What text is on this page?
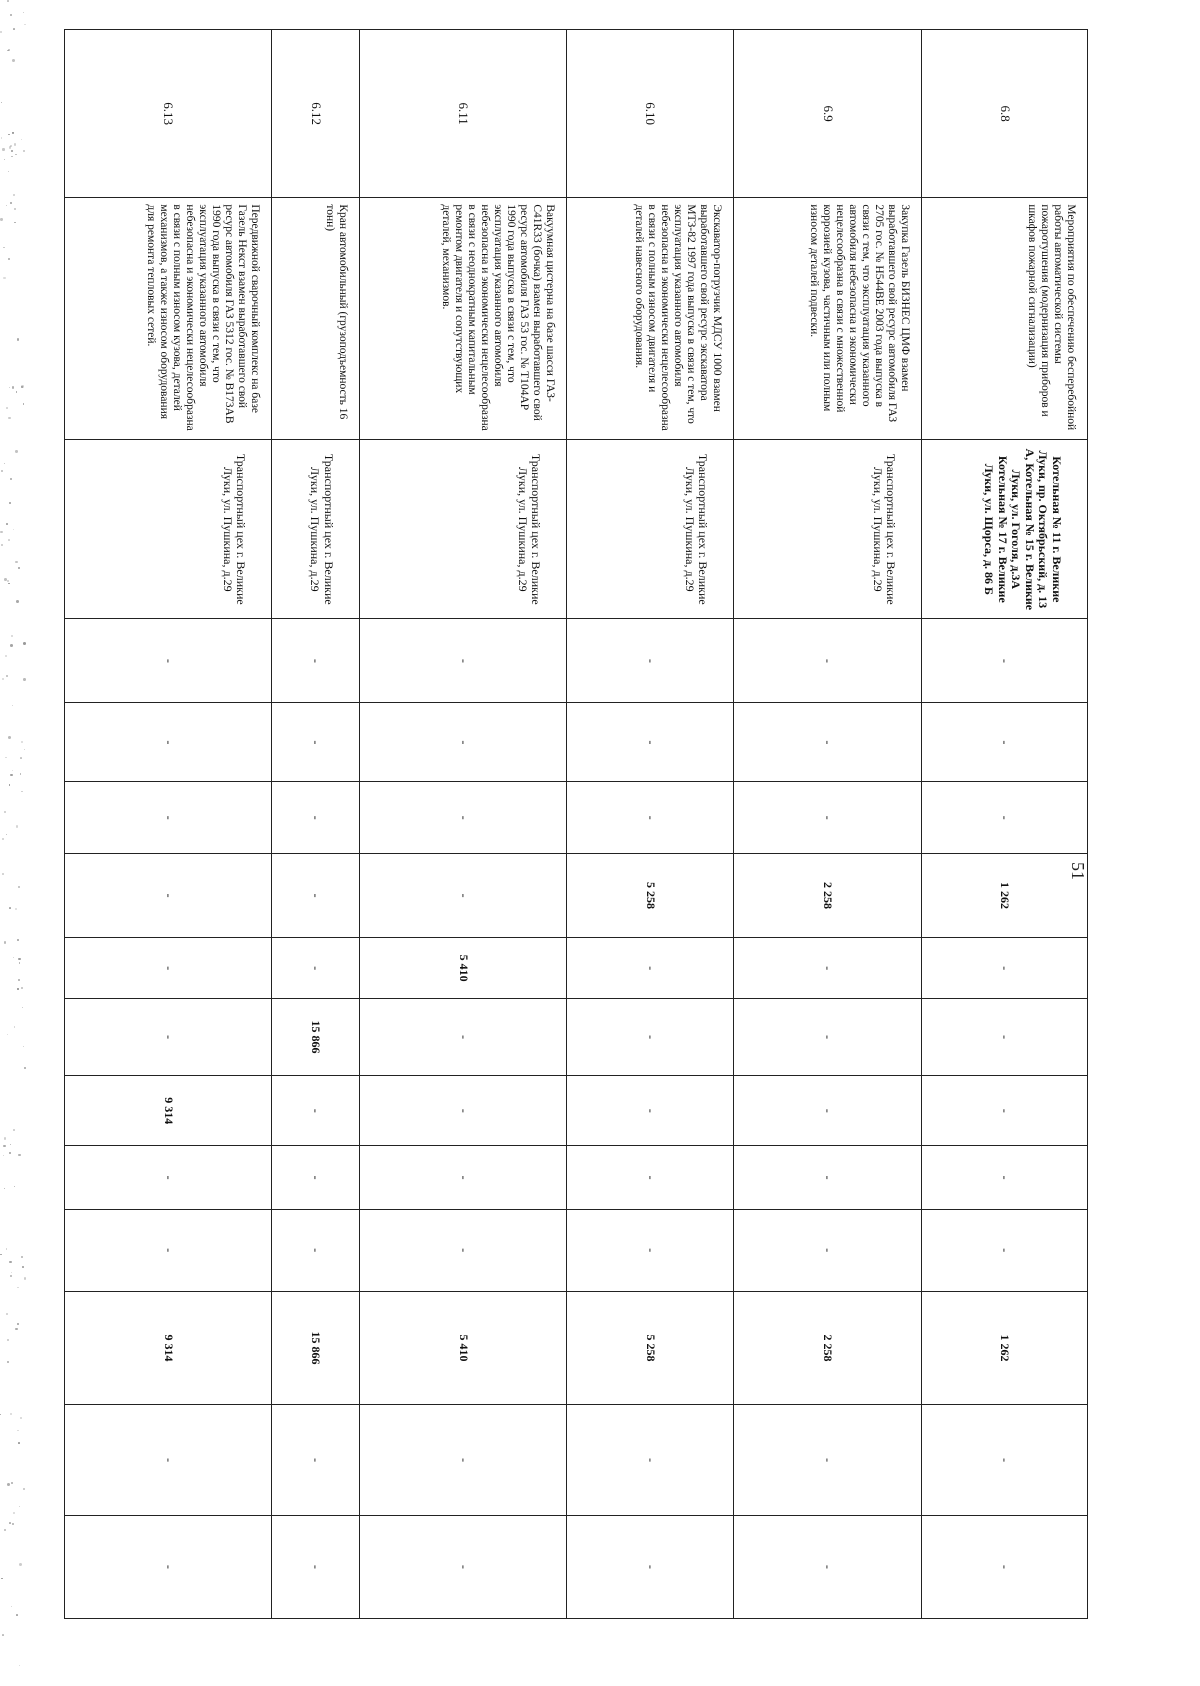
51
6.8	Мероприятия по обеспечению бесперебойной работы автоматической системы пожаротушения (модернизация приборов и шкафов пожарной сигнализации)	Котельная № 11 г. Великие Луки, пр. Октябрьский, д. 13 А, Котельная № 15 г. Великие Луки, ул. Гоголя, д.3А Котельная № 17 г. Великие Луки, ул. Щорса, д. 86 Б	-	-	-	1 262	-	-	-	-	-	1 262	-	-
6.9	Закупка Газель БИЗНЕС ЦМФ взамен выработавшего свой ресурс автомобиля ГАЗ 2705 гос. № Н544ВЕ 2003 года выпуска в связи с тем, что эксплуатация указанного автомобиля небезопасна и экономически нецелесообразна в связи с множественной коррозией кузова, частичным или полным износом деталей подвески.	Транспортный цех г. Великие Луки, ул. Пушкина, д.29	-	-	-	2 258	-	-	-	-	-	2 258	-	-
6.10	Экскаватор-погрузчик МДСУ 1000 взамен выработавшего свой ресурс экскаватора МТЗ-82 1997 года выпуска в связи с тем, что эксплуатация указанного автомобиля небезопасна и экономически нецелесообразна в связи с полным износом двигателя и деталей навесного оборудования.	Транспортный цех г. Великие Луки, ул. Пушкина, д.29	-	-	-	5 258	-	-	-	-	-	5 258	-	-
6.11	Вакуумная цистерна на базе шасси ГАЗ-С41R33 (бочка) взамен выработавшего свой ресурс автомобиля ГАЗ 53 гос. № Т104АР 1990 года выпуска в связи с тем, что эксплуатация указанного автомобиля небезопасна и экономически нецелесообразна в связи с неоднократным капитальным ремонтом двигателя и сопутствующих деталей, механизмов.	Транспортный цех г. Великие Луки, ул. Пушкина, д.29	-	-	-	-	5 410	-	-	-	-	5 410	-	-
6.12	Кран автомобильный (грузоподъемность 16 тонн)	Транспортный цех г. Великие Луки, ул. Пушкина, д.29	-	-	-	-	-	15 866	-	-	-	15 866	-	-
6.13	Передвижной сварочный комплекс на базе Газель Некст взамен выработавшего свой ресурс автомобиля ГАЗ 5312 гос. № В173АВ 1990 года выпуска в связи с тем, что эксплуатация указанного автомобиля небезопасна и экономически нецелесообразна в связи с полным износом кузова, деталей механизмов, а также износом оборудования для ремонта тепловых сетей.	Транспортный цех г. Великие Луки, ул. Пушкина, д.29	-	-	-	-	-	-	9 314	-	-	9 314	-	-
